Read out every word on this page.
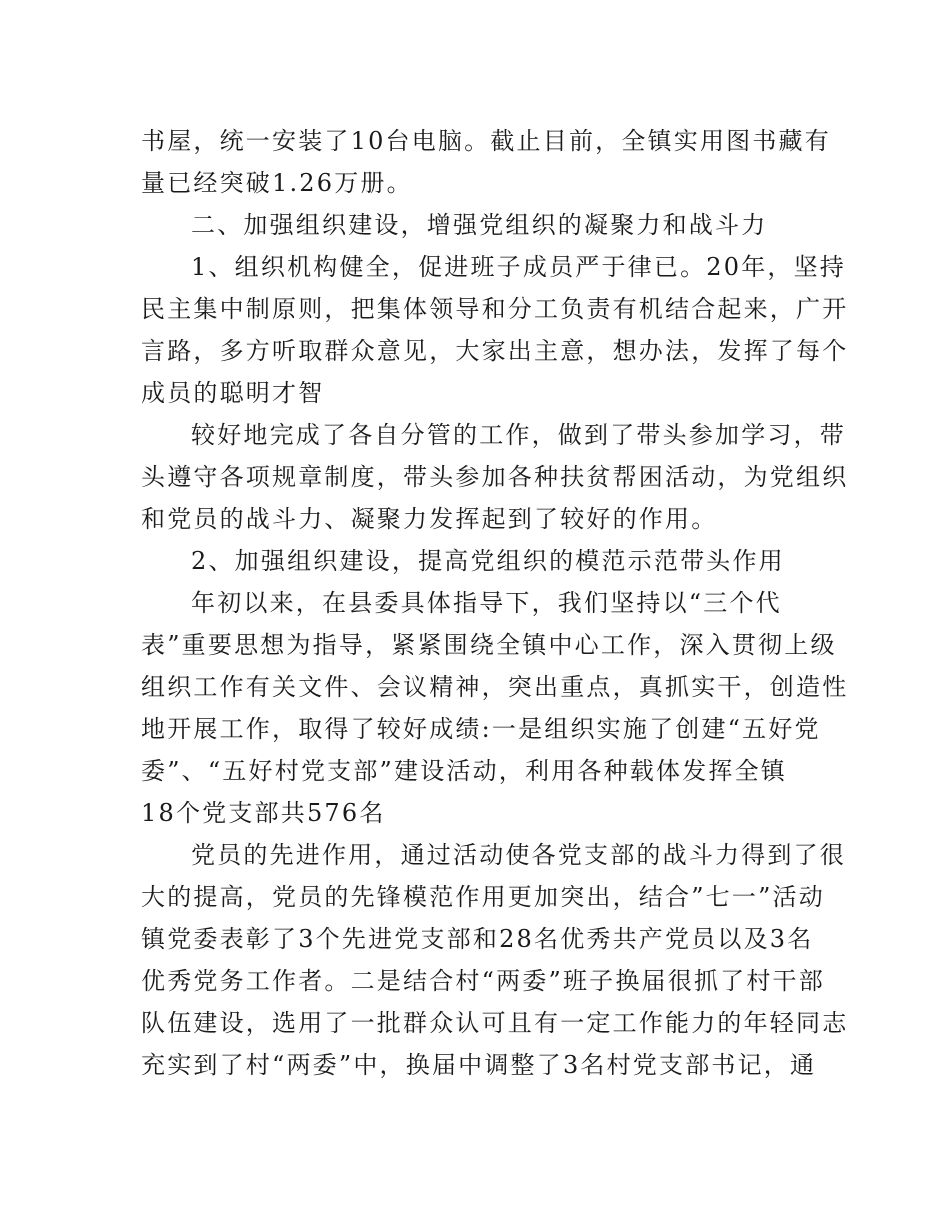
书屋，统一安装了10台电脑。截止目前，全镇实用图书藏有
量已经突破1.26万册。
二、加强组织建设，增强党组织的凝聚力和战斗力
1、组织机构健全，促进班子成员严于律已。20年，坚持
民主集中制原则，把集体领导和分工负责有机结合起来，广开
言路，多方听取群众意见，大家出主意，想办法，发挥了每个
成员的聪明才智
较好地完成了各自分管的工作，做到了带头参加学习，带
头遵守各项规章制度，带头参加各种扶贫帮困活动，为党组织
和党员的战斗力、凝聚力发挥起到了较好的作用。
2、加强组织建设，提高党组织的模范示范带头作用
年初以来，在县委具体指导下，我们坚持以“三个代
表”重要思想为指导，紧紧围绕全镇中心工作，深入贯彻上级
组织工作有关文件、会议精神，突出重点，真抓实干，创造性
地开展工作，取得了较好成绩:一是组织实施了创建“五好党
委”、“五好村党支部”建设活动，利用各种载体发挥全镇
18个党支部共576名
党员的先进作用，通过活动使各党支部的战斗力得到了很
大的提高，党员的先锋模范作用更加突出，结合”七一”活动
镇党委表彰了3个先进党支部和28名优秀共产党员以及3名
优秀党务工作者。二是结合村“两委”班子换届很抓了村干部
队伍建设，选用了一批群众认可且有一定工作能力的年轻同志
充实到了村“两委”中，换届中调整了3名村党支部书记，通
